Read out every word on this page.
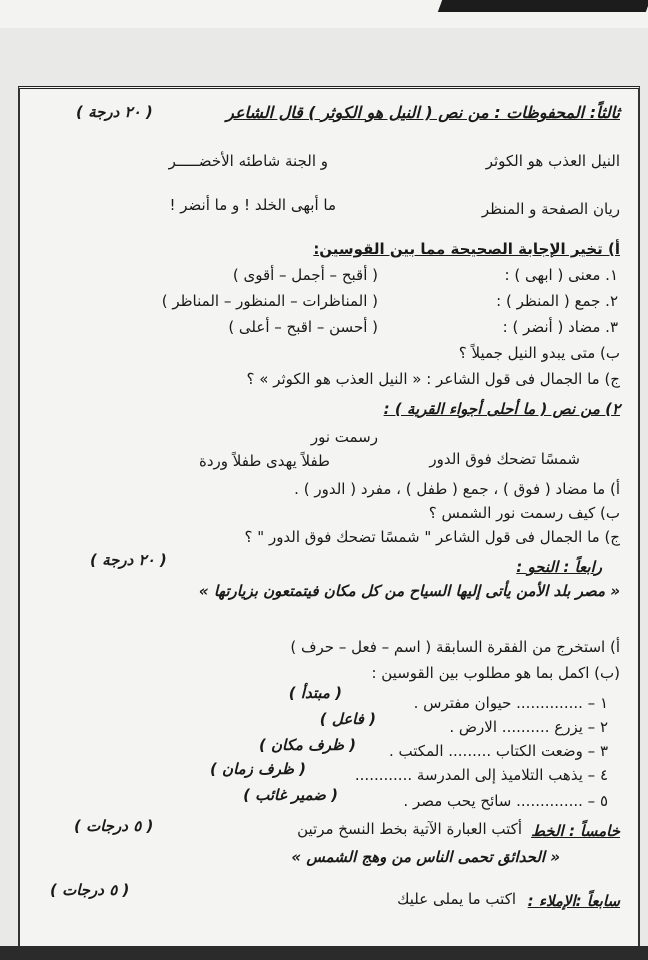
ثالثاً: المحفوظات : من نص ( النيل هو الكوثر ) قال الشاعر
( ٢٠ درجة )
النيل العذب هو الكوثر
و الجنة شاطئه الأخضـــــر
ريان الصفحة و المنظر
ما أبهى الخلد ! و ما أنضر !
أ) تخير الإجابة الصحيحة مما بين القوسين:
١. معنى ( ابهى ) :
( أقبح – أجمل – أقوى )
٢. جمع ( المنظر ) :
( المناظرات – المنظور – المناظر )
٣. مضاد ( أنضر ) :
( أحسن – اقبح – أعلى )
ب) متى يبدو النيل جميلاً ؟
ج) ما الجمال فى قول الشاعر : « النيل العذب هو الكوثر » ؟
٢) من نص ( ما أحلى أجواء القرية ) :
رسمت نور
شمسًا تضحك فوق الدور
طفلاً يهدى طفلاً وردة
أ) ما مضاد ( فوق ) ، جمع ( طفل ) ، مفرد ( الدور ) .
ب) كيف رسمت نور الشمس ؟
ج) ما الجمال فى قول الشاعر " شمسًا تضحك فوق الدور " ؟
رابعاً : النحو :
( ٢٠ درجة )
« مصر بلد الأمن يأتى إليها السياح من كل مكان فيتمتعون بزيارتها »
أ) استخرج من الفقرة السابقة ( اسم – فعل – حرف )
(ب) اكمل بما هو مطلوب بين القوسين :
١ – .............. حيوان مفترس .
( مبتدأ )
٢ – يزرع .......... الارض .
( فاعل )
٣ – وضعت الكتاب ......... المكتب .
( ظرف مكان )
٤ – يذهب التلاميذ إلى المدرسة ............
( ظرف زمان )
٥ – .............. سائح يحب مصر .
( ضمير غائب )
خامساً : الخط
أكتب العبارة الآتية بخط النسخ مرتين
( ٥ درجات )
« الحدائق تحمى الناس من وهج الشمس »
سابعاً :الإملاء :
اكتب ما يملى عليك
( ٥ درجات )
